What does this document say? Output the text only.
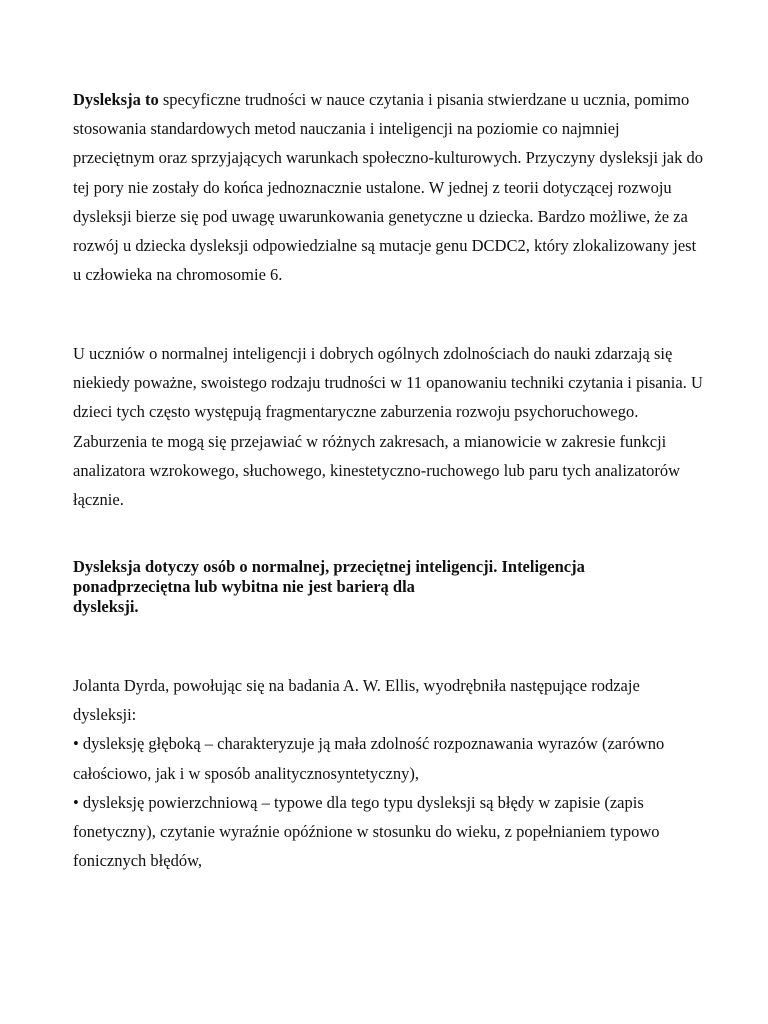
Dysleksja to specyficzne trudności w nauce czytania i pisania stwierdzane u ucznia, pomimo stosowania standardowych metod nauczania i inteligencji na poziomie co najmniej przeciętnym oraz sprzyjających warunkach społeczno-kulturowych. Przyczyny dysleksji jak do tej pory nie zostały do końca jednoznacznie ustalone. W jednej z teorii dotyczącej rozwoju dysleksji bierze się pod uwagę uwarunkowania genetyczne u dziecka. Bardzo możliwe, że za rozwój u dziecka dysleksji odpowiedzialne są mutacje genu DCDC2, który zlokalizowany jest u człowieka na chromosomie 6.

U uczniów o normalnej inteligencji i dobrych ogólnych zdolnościach do nauki zdarzają się niekiedy poważne, swoistego rodzaju trudności w 11 opanowaniu techniki czytania i pisania. U dzieci tych często występują fragmentaryczne zaburzenia rozwoju psychoruchowego. Zaburzenia te mogą się przejawiać w różnych zakresach, a mianowicie w zakresie funkcji analizatora wzrokowego, słuchowego, kinestetyczno-ruchowego lub paru tych analizatorów łącznie.

Dysleksja dotyczy osób o normalnej, przeciętnej inteligencji. Inteligencja
ponadprzeciętna lub wybitna nie jest barierą dla
dysleksji.
Jolanta Dyrda, powołując się na badania A. W. Ellis, wyodrębniła następujące rodzaje dysleksji:
• dysleksję głęboką – charakteryzuje ją mała zdolność rozpoznawania wyrazów (zarówno całościowo, jak i w sposób analitycznosyntetyczny),
• dysleksję powierzchniową – typowe dla tego typu dysleksji są błędy w zapisie (zapis fonetyczny), czytanie wyraźnie opóźnione w stosunku do wieku, z popełnianiem typowo fonicznych błędów,
